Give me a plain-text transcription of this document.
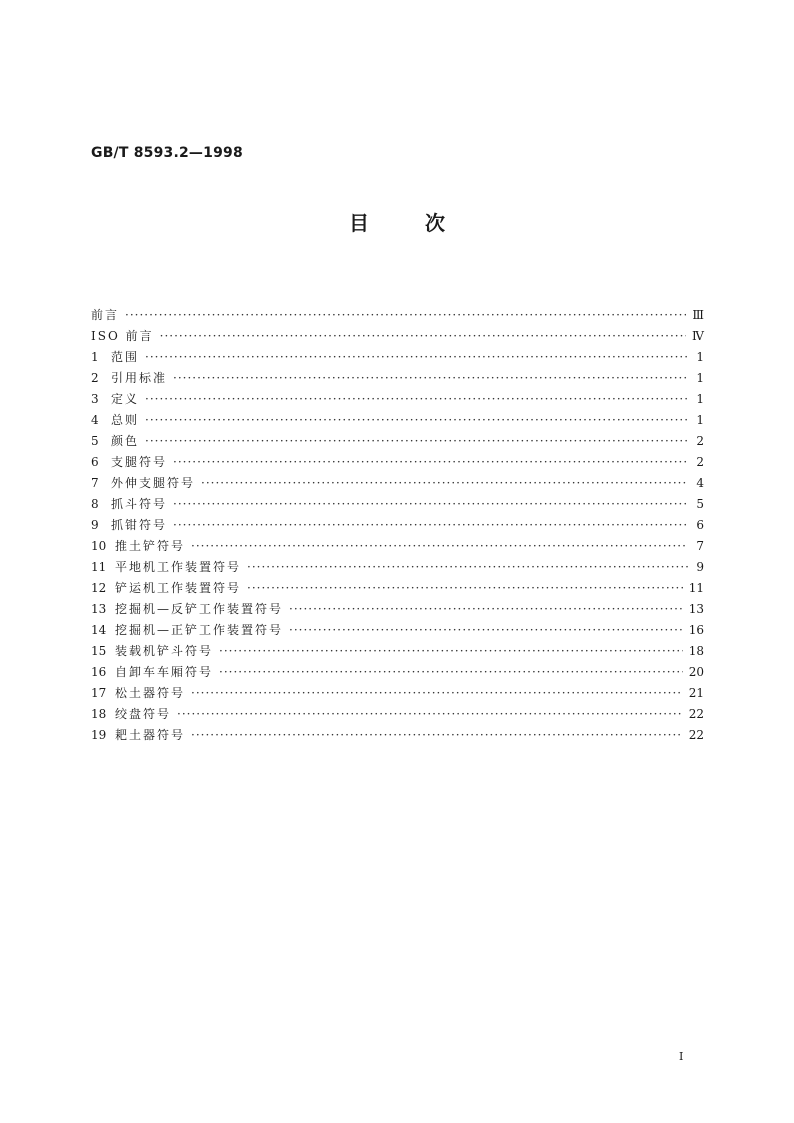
GB/T 8593.2—1998
目次
前言 ·····	Ⅲ
ISO 前言 ·····	Ⅳ
1	范围 ·····	1
2	引用标准 ·····	1
3	定义 ·····	1
4	总则 ·····	1
5	颜色 ·····	2
6	支腿符号 ·····	2
7	外伸支腿符号 ·····	4
8	抓斗符号 ·····	5
9	抓钳符号 ·····	6
10 推土铲符号 ·····	7
11 平地机工作装置符号 ·····	9
12 铲运机工作装置符号 ·····	11
13 挖掘机—反铲工作装置符号 ·····	13
14 挖掘机—正铲工作装置符号 ·····	16
15 装载机铲斗符号 ·····	18
16 自卸车车厢符号 ·····	20
17 松土器符号 ·····	21
18 绞盘符号 ·····	22
19 耙土器符号 ·····	22
I
